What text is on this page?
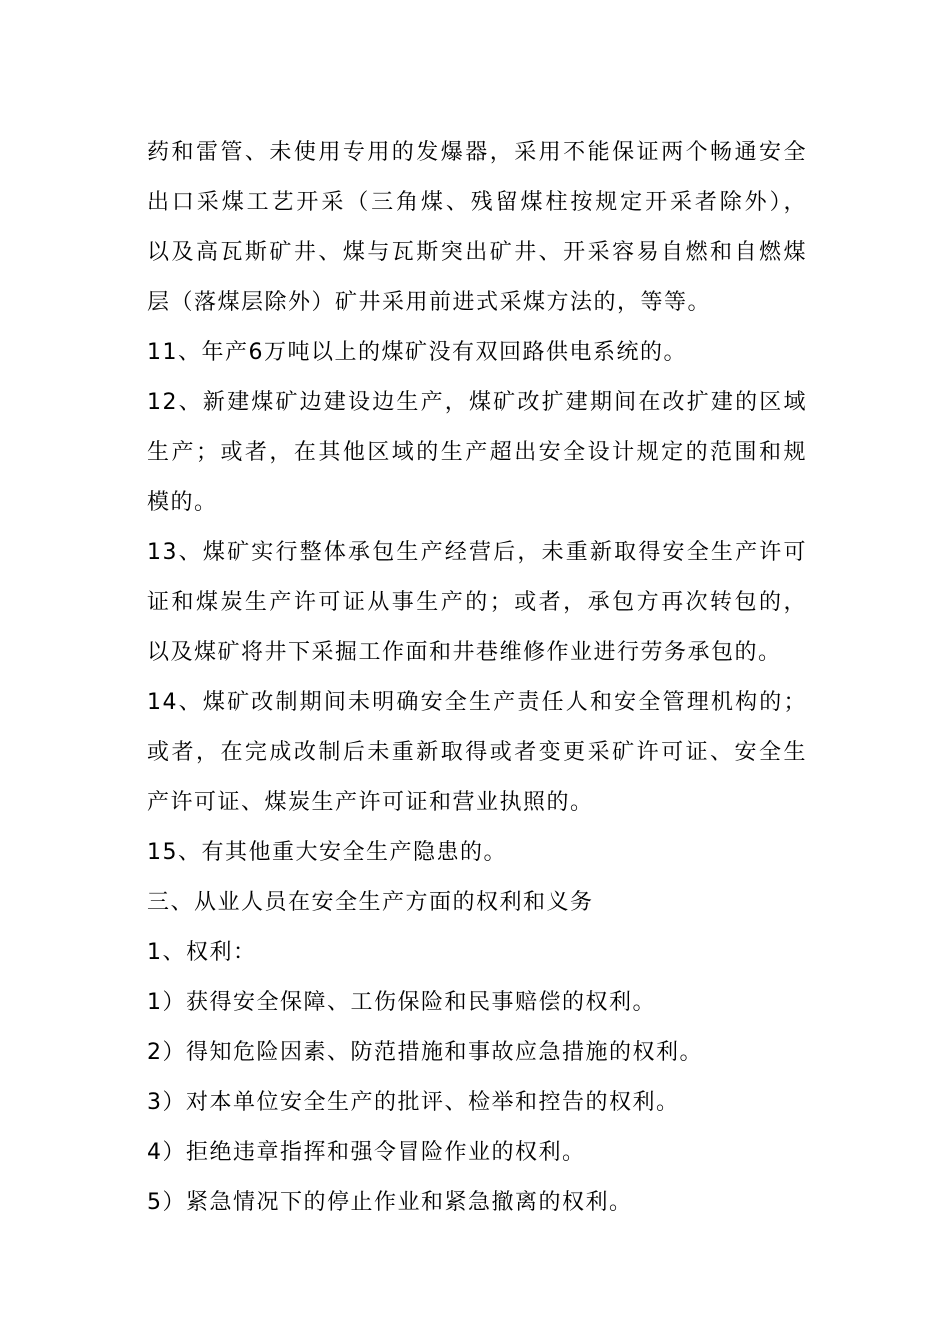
药和雷管、未使用专用的发爆器，采用不能保证两个畅通安全
出口采煤工艺开采（三角煤、残留煤柱按规定开采者除外），
以及高瓦斯矿井、煤与瓦斯突出矿井、开采容易自燃和自燃煤
层（落煤层除外）矿井采用前进式采煤方法的，等等。

11、年产6万吨以上的煤矿没有双回路供电系统的。

12、新建煤矿边建设边生产，煤矿改扩建期间在改扩建的区域
生产；或者，在其他区域的生产超出安全设计规定的范围和规
模的。

13、煤矿实行整体承包生产经营后，未重新取得安全生产许可
证和煤炭生产许可证从事生产的；或者，承包方再次转包的，
以及煤矿将井下采掘工作面和井巷维修作业进行劳务承包的。

14、煤矿改制期间未明确安全生产责任人和安全管理机构的；
或者，在完成改制后未重新取得或者变更采矿许可证、安全生
产许可证、煤炭生产许可证和营业执照的。

15、有其他重大安全生产隐患的。

三、从业人员在安全生产方面的权利和义务

1、权利：

1）获得安全保障、工伤保险和民事赔偿的权利。

2）得知危险因素、防范措施和事故应急措施的权利。

3）对本单位安全生产的批评、检举和控告的权利。

4）拒绝违章指挥和强令冒险作业的权利。

5）紧急情况下的停止作业和紧急撤离的权利。
